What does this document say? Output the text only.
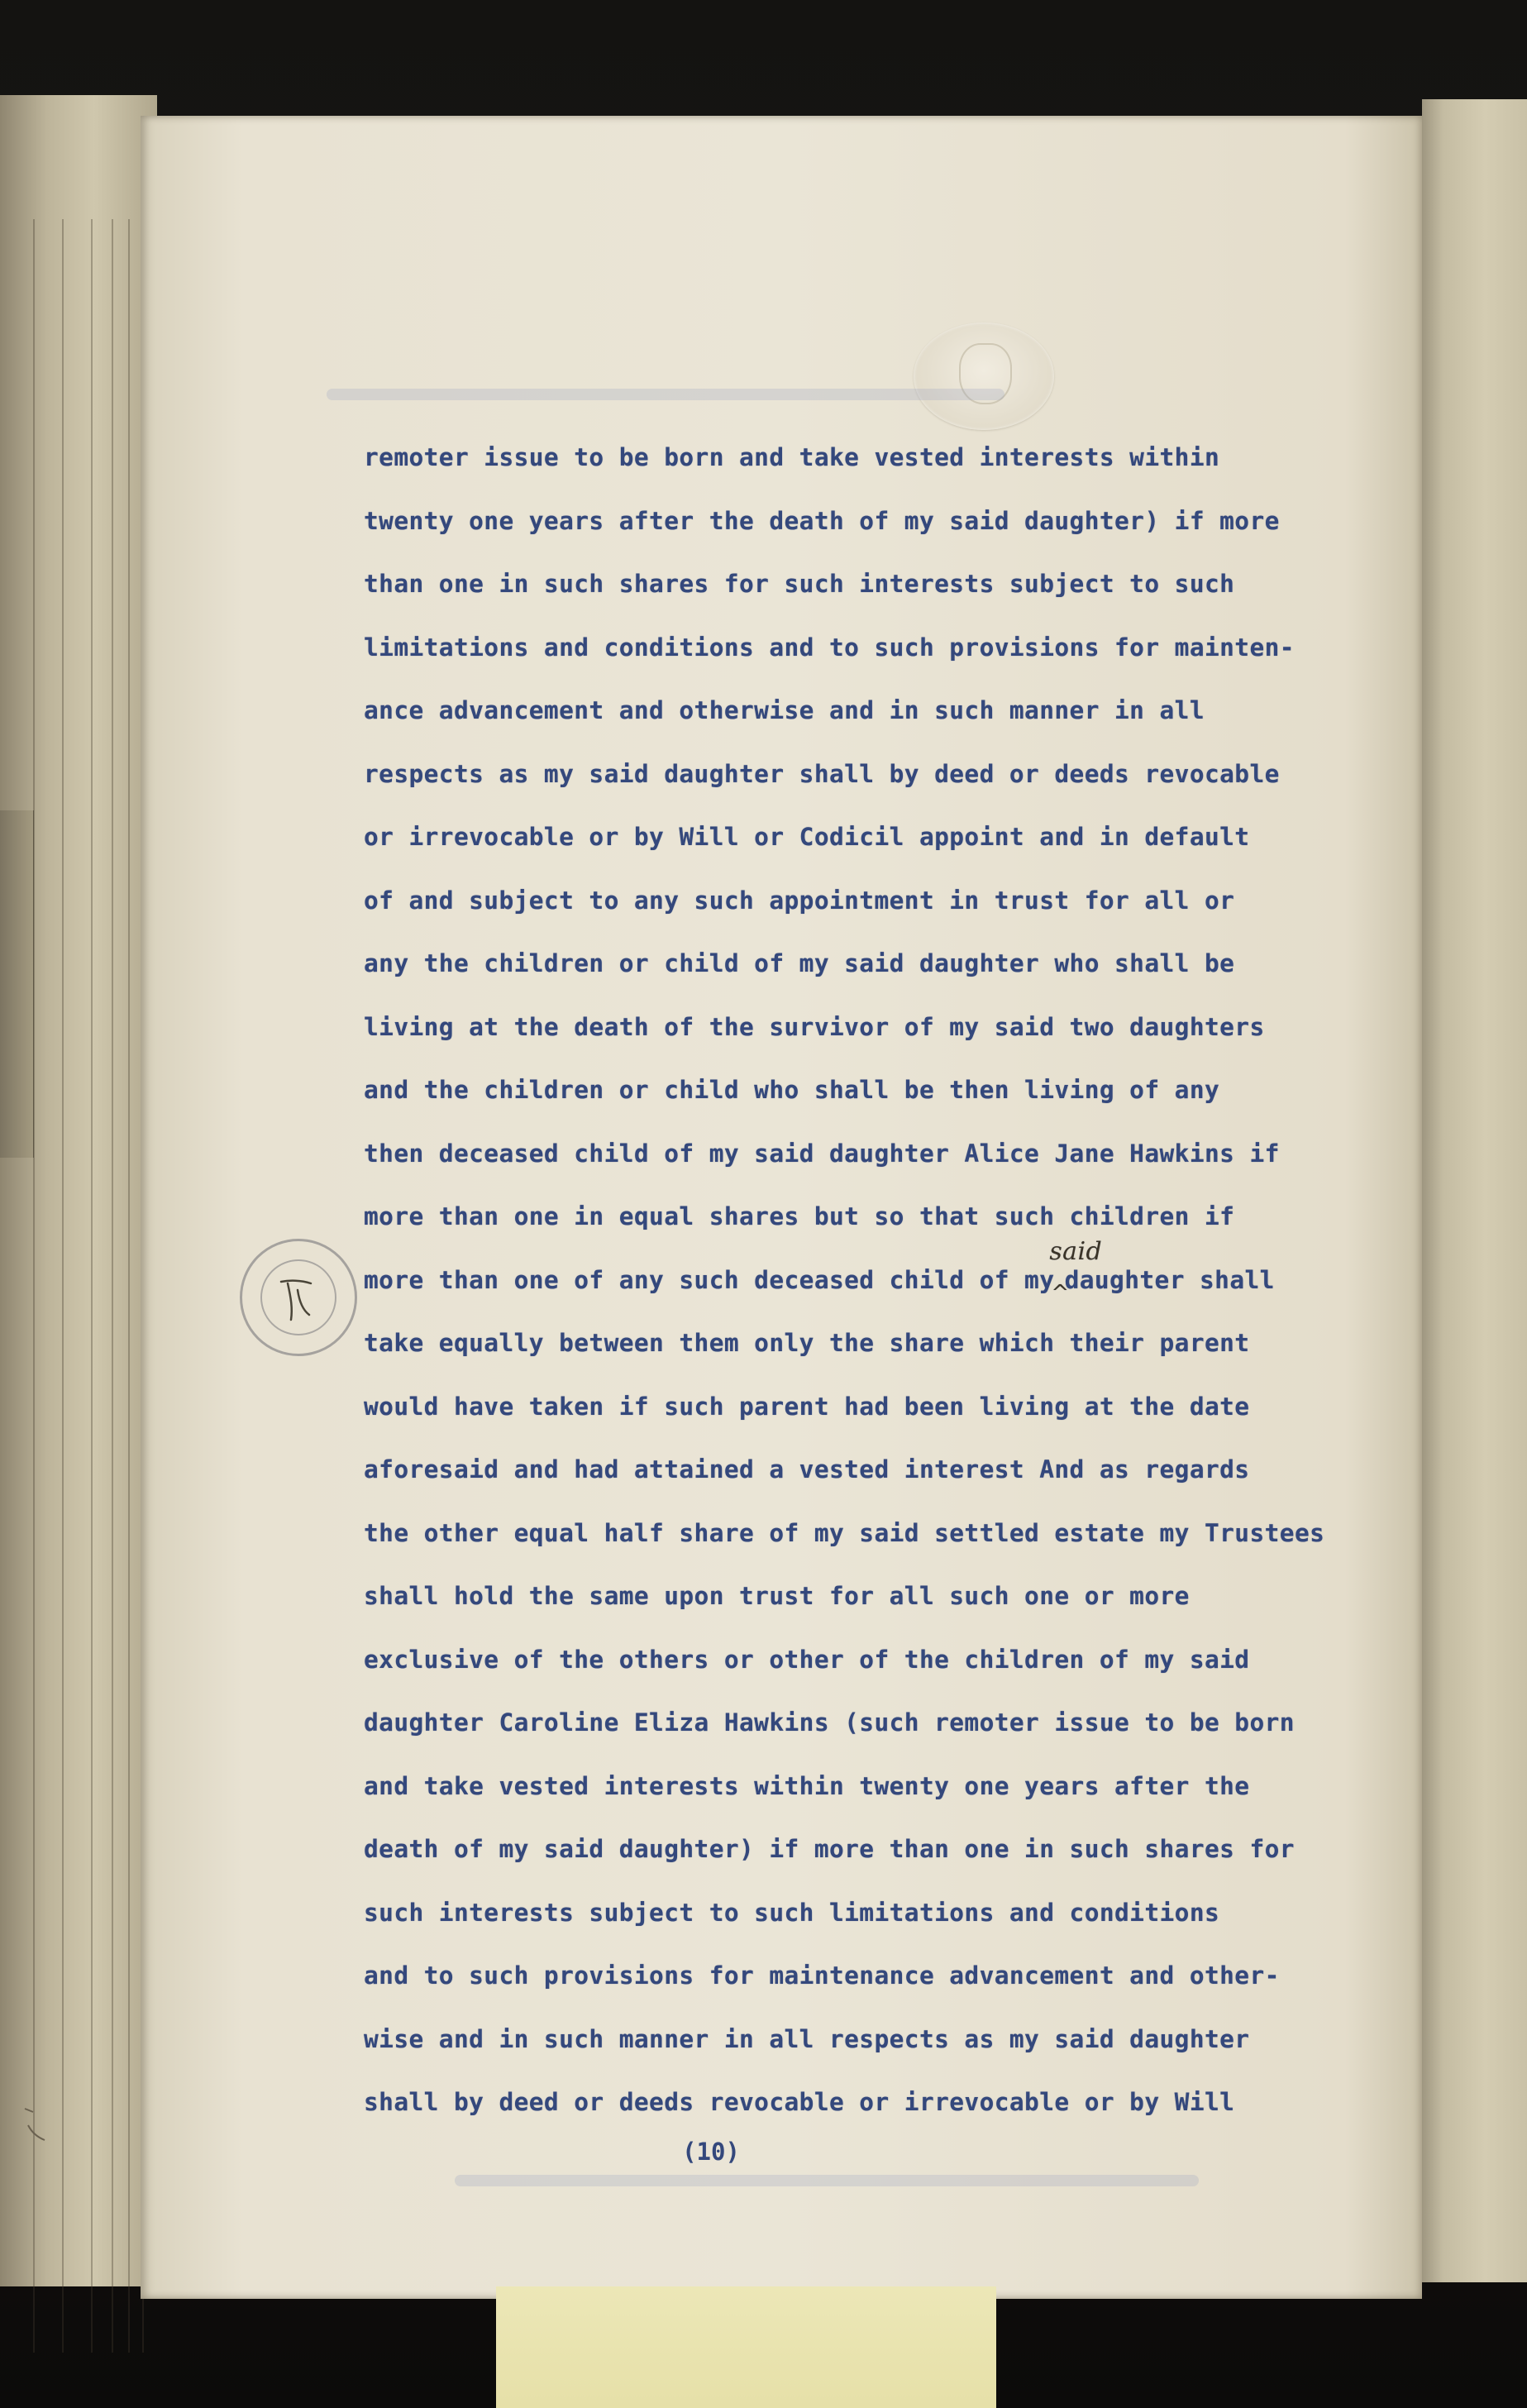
remoter issue to be born and take vested interests within
twenty one years after the death of my said daughter) if more
than one in such shares for such interests subject to such
limitations and conditions and to such provisions for mainten-
ance advancement and otherwise and in such manner in all
respects as my said daughter shall by deed or deeds revocable
or irrevocable or by Will or Codicil appoint and in default
of and subject to any such appointment in trust for all or
any the children or child of my said daughter who shall be
living at the death of the survivor of my said two daughters
and the children or child who shall be then living of any
then deceased child of my said daughter Alice Jane Hawkins if
more than one in equal shares but so that such children if
more than one of any such deceased child of my^
said
daughter shall
take equally between them only the share which their parent
would have taken if such parent had been living at the date
aforesaid and had attained a vested interest And as regards
the other equal half share of my said settled estate my Trustees
shall hold the same upon trust for all such one or more
exclusive of the others or other of the children of my said
daughter Caroline Eliza Hawkins (such remoter issue to be born
and take vested interests within twenty one years after the
death of my said daughter) if more than one in such shares for
such interests subject to such limitations and conditions
and to such provisions for maintenance advancement and other-
wise and in such manner in all respects as my said daughter
shall by deed or deeds revocable or irrevocable or by Will
(10)
